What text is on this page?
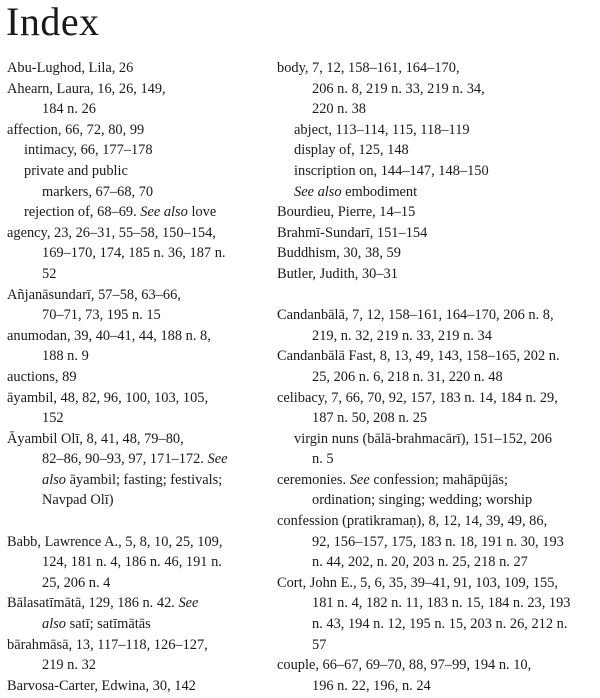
Index
Abu-Lughod, Lila, 26
Ahearn, Laura, 16, 26, 149,
184 n. 26
affection, 66, 72, 80, 99
intimacy, 66, 177–178
private and public
markers, 67–68, 70
rejection of, 68–69. See also love
agency, 23, 26–31, 55–58, 150–154,
169–170, 174, 185 n. 36, 187 n.
52
Añjanāsundarī, 57–58, 63–66,
70–71, 73, 195 n. 15
anumodan, 39, 40–41, 44, 188 n. 8,
188 n. 9
auctions, 89
āyambil, 48, 82, 96, 100, 103, 105,
152
Āyambil Olī, 8, 41, 48, 79–80,
82–86, 90–93, 97, 171–172. See
also āyambil; fasting; festivals;
Navpad Olī)
Babb, Lawrence A., 5, 8, 10, 25, 109,
124, 181 n. 4, 186 n. 46, 191 n.
25, 206 n. 4
Bālasatīmātā, 129, 186 n. 42. See
also satī; satīmātās
bārahmāsā, 13, 117–118, 126–127,
219 n. 32
Barvosa-Carter, Edwina, 30, 142
body, 7, 12, 158–161, 164–170,
206 n. 8, 219 n. 33, 219 n. 34,
220 n. 38
abject, 113–114, 115, 118–119
display of, 125, 148
inscription on, 144–147, 148–150
See also embodiment
Bourdieu, Pierre, 14–15
Brahmī-Sundarī, 151–154
Buddhism, 30, 38, 59
Butler, Judith, 30–31
Candanbālā, 7, 12, 158–161, 164–170, 206 n. 8,
219, n. 32, 219 n. 33, 219 n. 34
Candanbālā Fast, 8, 13, 49, 143, 158–165, 202 n.
25, 206 n. 6, 218 n. 31, 220 n. 48
celibacy, 7, 66, 70, 92, 157, 183 n. 14, 184 n. 29,
187 n. 50, 208 n. 25
virgin nuns (bālā-brahmacārī), 151–152, 206
n. 5
ceremonies. See confession; mahāpūjās;
ordination; singing; wedding; worship
confession (pratikramaṇ), 8, 12, 14, 39, 49, 86,
92, 156–157, 175, 183 n. 18, 191 n. 30, 193
n. 44, 202, n. 20, 203 n. 25, 218 n. 27
Cort, John E., 5, 6, 35, 39–41, 91, 103, 109, 155,
181 n. 4, 182 n. 11, 183 n. 15, 184 n. 23, 193
n. 43, 194 n. 12, 195 n. 15, 203 n. 26, 212 n.
57
couple, 66–67, 69–70, 88, 97–99, 194 n. 10,
196 n. 22, 196, n. 24
